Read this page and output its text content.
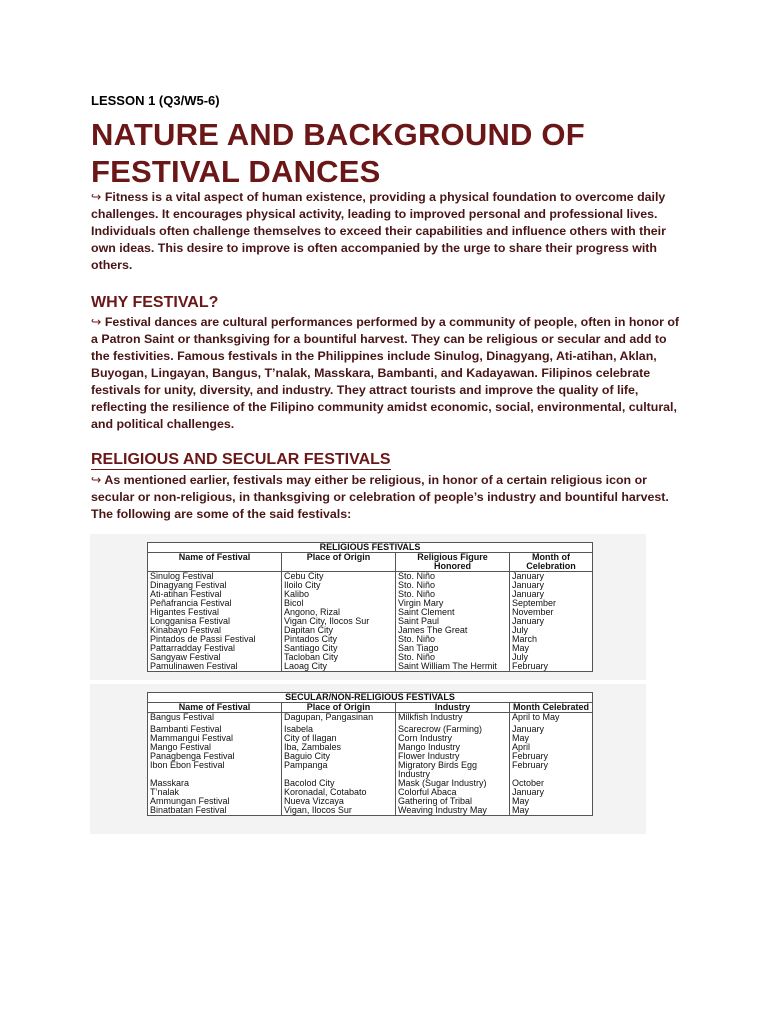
LESSON 1 (Q3/W5-6)
NATURE AND BACKGROUND OF
FESTIVAL DANCES
↪ Fitness is a vital aspect of human existence, providing a physical foundation to overcome daily challenges. It encourages physical activity, leading to improved personal and professional lives. Individuals often challenge themselves to exceed their capabilities and influence others with their own ideas. This desire to improve is often accompanied by the urge to share their progress with others.
WHY FESTIVAL?
↪ Festival dances are cultural performances performed by a community of people, often in honor of a Patron Saint or thanksgiving for a bountiful harvest. They can be religious or secular and add to the festivities. Famous festivals in the Philippines include Sinulog, Dinagyang, Ati-atihan, Aklan, Buyogan, Lingayan, Bangus, T’nalak, Masskara, Bambanti, and Kadayawan. Filipinos celebrate festivals for unity, diversity, and industry. They attract tourists and improve the quality of life, reflecting the resilience of the Filipino community amidst economic, social, environmental, cultural, and political challenges.
RELIGIOUS AND SECULAR FESTIVALS
↪ As mentioned earlier, festivals may either be religious, in honor of a certain religious icon or secular or non-religious, in thanksgiving or celebration of people’s industry and bountiful harvest. The following are some of the said festivals:
RELIGIOUS FESTIVALS			
Name of Festival	Place of Origin	Religious Figure Honored	Month of Celebration
Sinulog Festival	Cebu City	Sto. Niño	January
Dinagyang Festival	Iloilo City	Sto. Niño	January
Ati-atihan Festival	Kalibo	Sto. Niño	January
Peñafrancia Festival	Bicol	Virgin Mary	September
Higantes Festival	Angono, Rizal	Saint Clement	November
Longganisa Festival	Vigan City, Ilocos Sur	Saint Paul	January
Kinabayo Festival	Dapitan City	James The Great	July
Pintados de Passi Festival	Pintados City	Sto. Niño	March
Pattarradday Festival	Santiago City	San Tiago	May
Sangyaw Festival	Tacloban City	Sto. Niño	July
Pamulinawen Festival	Laoag City	Saint William The Hermit	February
SECULAR/NON-RELIGIOUS FESTIVALS			
Name of Festival	Place of Origin	Industry	Month Celebrated
Bangus Festival	Dagupan, Pangasinan	Milkfish Industry	April to May

Bambanti Festival	Isabela	Scarecrow (Farming)	January
Mammangui Festival	City of Ilagan	Corn Industry	May
Mango Festival	Iba, Zambales	Mango Industry	April
Panagbenga Festival	Baguio City	Flower Industry	February
Ibon Ebon Festival	Pampanga	Migratory Birds Egg Industry	February
Masskara	Bacolod City	Mask (Sugar Industry)	October
T’nalak	Koronadal, Cotabato	Colorful Abaca	January
Ammungan Festival	Nueva Vizcaya	Gathering of Tribal	May
Binatbatan Festival	Vigan, Ilocos Sur	Weaving Industry May	May
